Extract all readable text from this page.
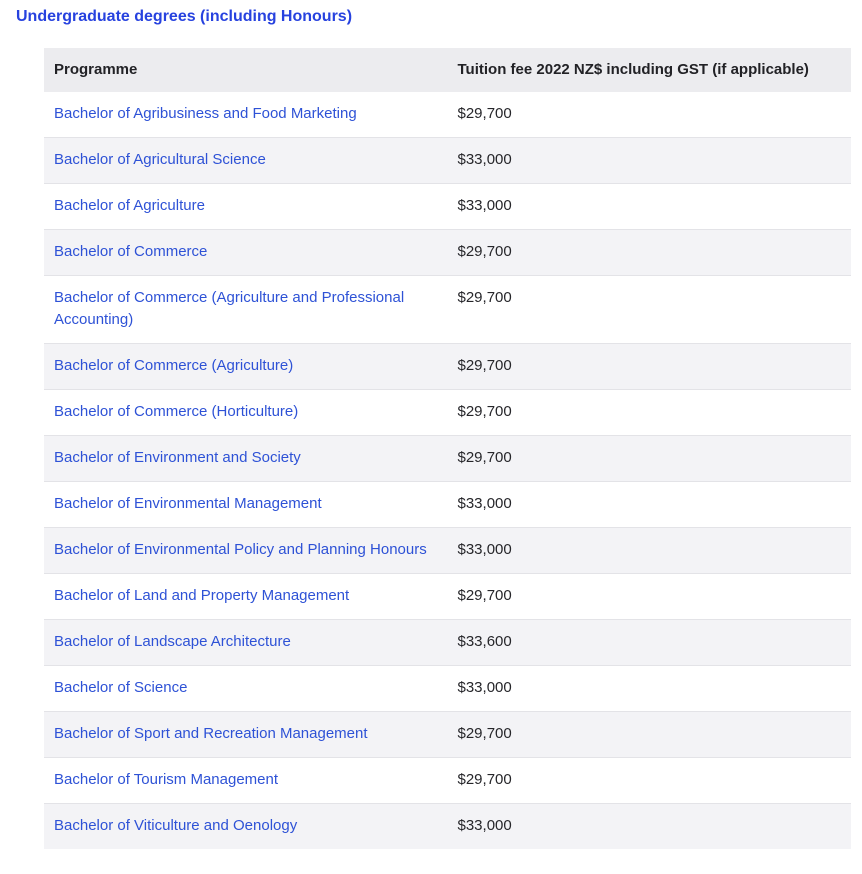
Undergraduate degrees (including Honours)
Programme	Tuition fee 2022 NZ$ including GST (if applicable)
Bachelor of Agribusiness and Food Marketing	$29,700
Bachelor of Agricultural Science	$33,000
Bachelor of Agriculture	$33,000
Bachelor of Commerce	$29,700
Bachelor of Commerce (Agriculture and Professional Accounting)	$29,700
Bachelor of Commerce (Agriculture)	$29,700
Bachelor of Commerce (Horticulture)	$29,700
Bachelor of Environment and Society	$29,700
Bachelor of Environmental Management	$33,000
Bachelor of Environmental Policy and Planning Honours	$33,000
Bachelor of Land and Property Management	$29,700
Bachelor of Landscape Architecture	$33,600
Bachelor of Science	$33,000
Bachelor of Sport and Recreation Management	$29,700
Bachelor of Tourism Management	$29,700
Bachelor of Viticulture and Oenology	$33,000
